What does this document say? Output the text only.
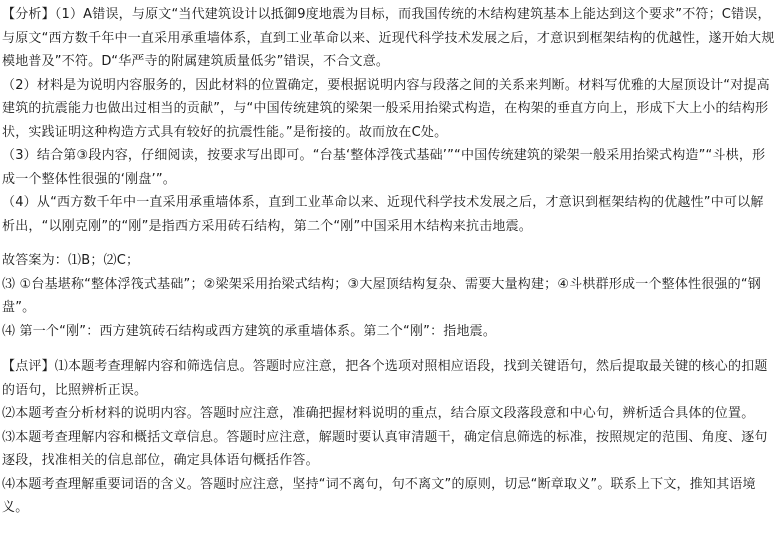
【分析】（1）A错误，与原文“当代建筑设计以抵御9度地震为目标，而我国传统的木结构建筑基本上能达到这个要求”不符；C错误，与原文“西方数千年中一直采用承重墙体系，直到工业革命以来、近现代科学技术发展之后，才意识到框架结构的优越性，遂开始大规模地普及”不符。D“华严寺的附属建筑质量低劣”错误，不合文意。

（2）材料是为说明内容服务的，因此材料的位置确定，要根据说明内容与段落之间的关系来判断。材料写优雅的大屋顶设计“对提高建筑的抗震能力也做出过相当的贡献”，与“中国传统建筑的梁架一般采用抬梁式构造，在构架的垂直方向上，形成下大上小的结构形状，实践证明这种构造方式具有较好的抗震性能。”是衔接的。故而放在C处。

（3）结合第③段内容，仔细阅读，按要求写出即可。“台基‘整体浮筏式基础’”“中国传统建筑的梁架一般采用抬梁式构造”“斗栱，形成一个整体性很强的‘刚盘’”。

（4）从“西方数千年中一直采用承重墙体系，直到工业革命以来、近现代科学技术发展之后，才意识到框架结构的优越性”中可以解析出，“以刚克刚”的“刚”是指西方采用砖石结构，第二个“刚”中国采用木结构来抗击地震。

故答案为：⑴B；⑵C；

⑶ ①台基堪称“整体浮筏式基础”；②梁架采用抬梁式结构；③大屋顶结构复杂、需要大量构建；④斗栱群形成一个整体性很强的“钢盘”。

⑷ 第一个“刚”：西方建筑砖石结构或西方建筑的承重墙体系。第二个“刚”：指地震。

【点评】⑴本题考查理解内容和筛选信息。答题时应注意，把各个选项对照相应语段，找到关键语句，然后提取最关键的核心的扣题的语句，比照辨析正误。

⑵本题考查分析材料的说明内容。答题时应注意，准确把握材料说明的重点，结合原文段落段意和中心句，辨析适合具体的位置。

⑶本题考查理解内容和概括文章信息。答题时应注意，解题时要认真审清题干，确定信息筛选的标准，按照规定的范围、角度、逐句逐段，找准相关的信息部位，确定具体语句概括作答。

⑷本题考查理解重要词语的含义。答题时应注意，坚持“词不离句，句不离文”的原则，切忌“断章取义”。联系上下文，推知其语境义。
